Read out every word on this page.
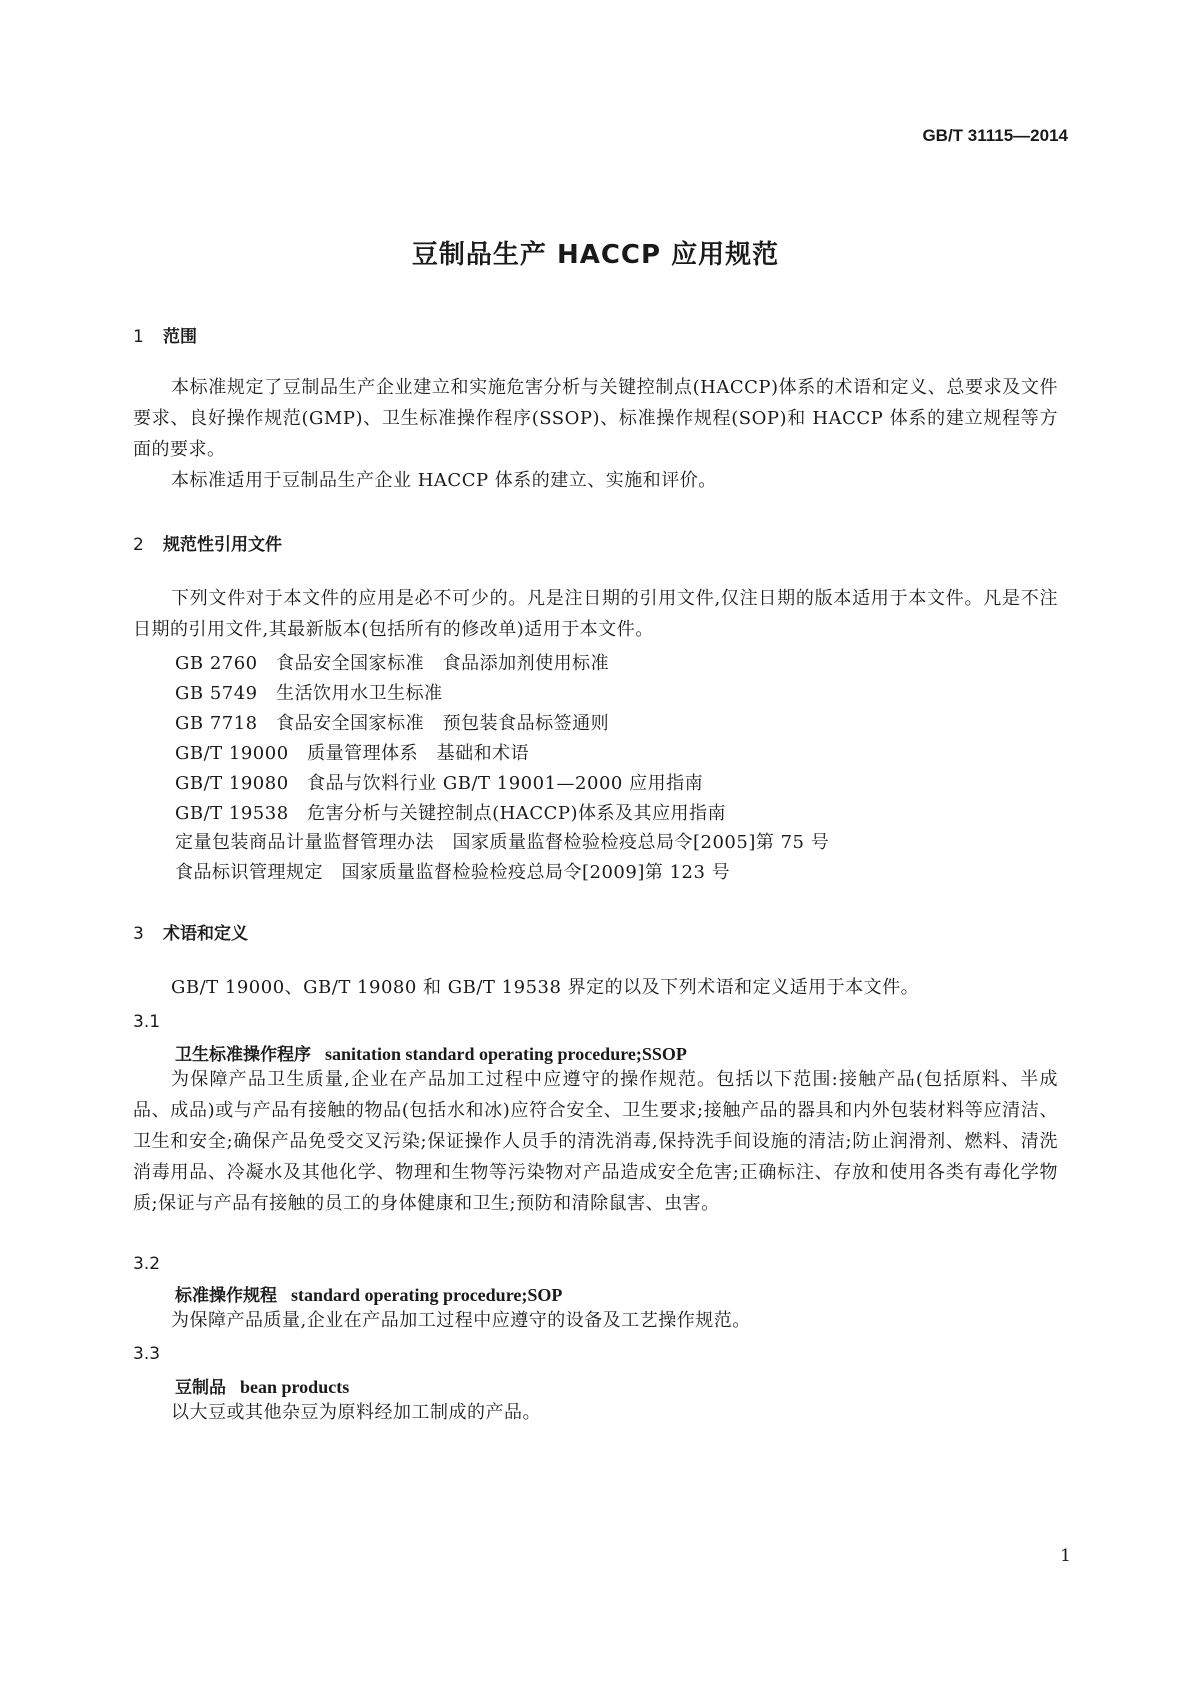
GB/T 31115—2014
豆制品生产 HACCP 应用规范
1 范围
本标准规定了豆制品生产企业建立和实施危害分析与关键控制点(HACCP)体系的术语和定义、总要求及文件要求、良好操作规范(GMP)、卫生标准操作程序(SSOP)、标准操作规程(SOP)和 HACCP 体系的建立规程等方面的要求。
本标准适用于豆制品生产企业 HACCP 体系的建立、实施和评价。
2 规范性引用文件
下列文件对于本文件的应用是必不可少的。凡是注日期的引用文件,仅注日期的版本适用于本文件。凡是不注日期的引用文件,其最新版本(包括所有的修改单)适用于本文件。
GB 2760　食品安全国家标准　食品添加剂使用标准
GB 5749　生活饮用水卫生标准
GB 7718　食品安全国家标准　预包装食品标签通则
GB/T 19000　质量管理体系　基础和术语
GB/T 19080　食品与饮料行业 GB/T 19001—2000 应用指南
GB/T 19538　危害分析与关键控制点(HACCP)体系及其应用指南
定量包装商品计量监督管理办法　国家质量监督检验检疫总局令[2005]第 75 号
食品标识管理规定　国家质量监督检验检疫总局令[2009]第 123 号
3 术语和定义
GB/T 19000、GB/T 19080 和 GB/T 19538 界定的以及下列术语和定义适用于本文件。
3.1
卫生标准操作程序 sanitation standard operating procedure;SSOP
为保障产品卫生质量,企业在产品加工过程中应遵守的操作规范。包括以下范围:接触产品(包括原料、半成品、成品)或与产品有接触的物品(包括水和冰)应符合安全、卫生要求;接触产品的器具和内外包装材料等应清洁、卫生和安全;确保产品免受交叉污染;保证操作人员手的清洗消毒,保持洗手间设施的清洁;防止润滑剂、燃料、清洗消毒用品、冷凝水及其他化学、物理和生物等污染物对产品造成安全危害;正确标注、存放和使用各类有毒化学物质;保证与产品有接触的员工的身体健康和卫生;预防和清除鼠害、虫害。
3.2
标准操作规程 standard operating procedure;SOP
为保障产品质量,企业在产品加工过程中应遵守的设备及工艺操作规范。
3.3
豆制品 bean products
以大豆或其他杂豆为原料经加工制成的产品。
1
